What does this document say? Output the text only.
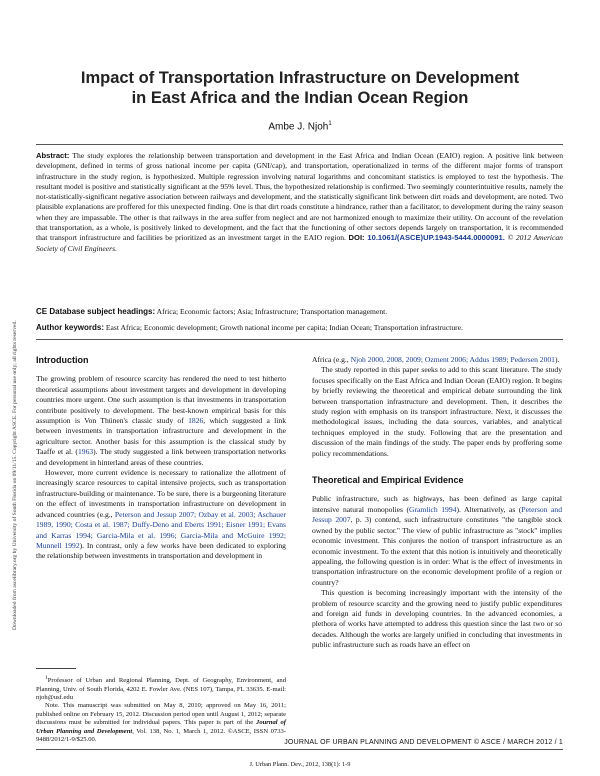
Downloaded from ascelibrary.org by University of South Florida on 09/11/15. Copyright ASCE. For personal use only; all rights reserved.
Impact of Transportation Infrastructure on Development
in East Africa and the Indian Ocean Region
Ambe J. Njoh$^1$
Abstract: The study explores the relationship between transportation and development in the East Africa and Indian Ocean (EAIO) region. A positive link between development, defined in terms of gross national income per capita (GNI/cap), and transportation, operationalized in terms of the different major forms of transport infrastructure in the study region, is hypothesized. Multiple regression involving natural logarithms and concomitant statistics is employed to test the hypothesis. The resultant model is positive and statistically significant at the 95% level. Thus, the hypothesized relationship is confirmed. Two seemingly counterintuitive results, namely the not-statistically-significant negative association between railways and development, and the statistically significant link between dirt roads and development, are noted. Two plausible explanations are proffered for this unexpected finding. One is that dirt roads constitute a hindrance, rather than a facilitator, to development during the rainy season when they are impassable. The other is that railways in the area suffer from neglect and are not harmonized enough to maximize their utility. On account of the revelation that transportation, as a whole, is positively linked to development, and the fact that the functioning of other sectors depends largely on transportation, it is recommended that transport infrastructure and facilities be prioritized as an investment target in the EAIO region. DOI: 10.1061/(ASCE)UP.1943-5444.0000091. © 2012 American Society of Civil Engineers.
CE Database subject headings: Africa; Economic factors; Asia; Infrastructure; Transportation management.
Author keywords: East Africa; Economic development; Growth national income per capita; Indian Ocean; Transportation infrastructure.
Introduction

The growing problem of resource scarcity has rendered the need to test hitherto theoretical assumptions about investment targets and development in developing countries more urgent. One such assumption is that investments in transportation contribute positively to development. The best-known empirical basis for this assumption is Von Thünen's classic study of 1826, which suggested a link between investments in transportation infrastructure and development in the agriculture sector. Another basis for this assumption is the classical study by Taaffe et al. (1963). The study suggested a link between transportation networks and development in hinterland areas of these countries.

However, more current evidence is necessary to rationalize the allotment of increasingly scarce resources to capital intensive projects, such as transportation infrastructure-building or maintenance. To be sure, there is a burgeoning literature on the effect of investments in transportation infrastructure on development in advanced countries (e.g., Peterson and Jessup 2007; Ozbay et al. 2003; Aschauer 1989, 1990; Costa et al. 1987; Duffy-Deno and Eberts 1991; Eisner 1991; Evans and Karras 1994; Garcia-Mila et al. 1996; Garcia-Mila and McGuire 1992; Munnell 1992). In contrast, only a few works have been dedicated to exploring the relationship between investments in transportation and development in

$^1$Professor of Urban and Regional Planning, Dept. of Geography, Environment, and Planning, Univ. of South Florida, 4202 E. Fowler Ave. (NES 107), Tampa, FL 33635. E-mail: njoh@usf.edu

Note. This manuscript was submitted on May 8, 2010; approved on May 16, 2011; published online on February 15, 2012. Discussion period open until August 1, 2012; separate discussions must be submitted for individual papers. This paper is part of the Journal of Urban Planning and Development, Vol. 138, No. 1, March 1, 2012. ©ASCE, ISSN 0733-9488/2012/1-9/$25.00.

Africa (e.g., Njoh 2000, 2008, 2009; Ozment 2006; Addus 1989; Pedersen 2001).

The study reported in this paper seeks to add to this scant literature. The study focuses specifically on the East Africa and Indian Ocean (EAIO) region. It begins by briefly reviewing the theoretical and empirical debate surrounding the link between transportation infrastructure and development. Then, it describes the study region with emphasis on its transport infrastructure. Next, it discusses the methodological issues, including the data sources, variables, and analytical techniques employed in the study. Following that are the presentation and discussion of the main findings of the study. The paper ends by proffering some policy recommendations.

Theoretical and Empirical Evidence

Public infrastructure, such as highways, has been defined as large capital intensive natural monopolies (Gramlich 1994). Alternatively, as (Peterson and Jessup 2007, p. 3) contend, such infrastructure constitutes "the tangible stock owned by the public sector." The view of public infrastructure as "stock" implies economic investment. This conjures the notion of transport infrastructure as an economic investment. To the extent that this notion is intuitively and theoretically appealing, the following question is in order: What is the effect of investments in transportation infrastructure on the economic development profile of a region or country?

This question is becoming increasingly important with the intensity of the problem of resource scarcity and the growing need to justify public expenditures and foreign aid funds in developing countries. In the advanced economies, a plethora of works have attempted to address this question since the last two or so decades. Although the works are largely unified in concluding that investments in public infrastructure such as roads have an effect on

JOURNAL OF URBAN PLANNING AND DEVELOPMENT © ASCE / MARCH 2012 / 1
J. Urban Plann. Dev., 2012, 138(1): 1-9
